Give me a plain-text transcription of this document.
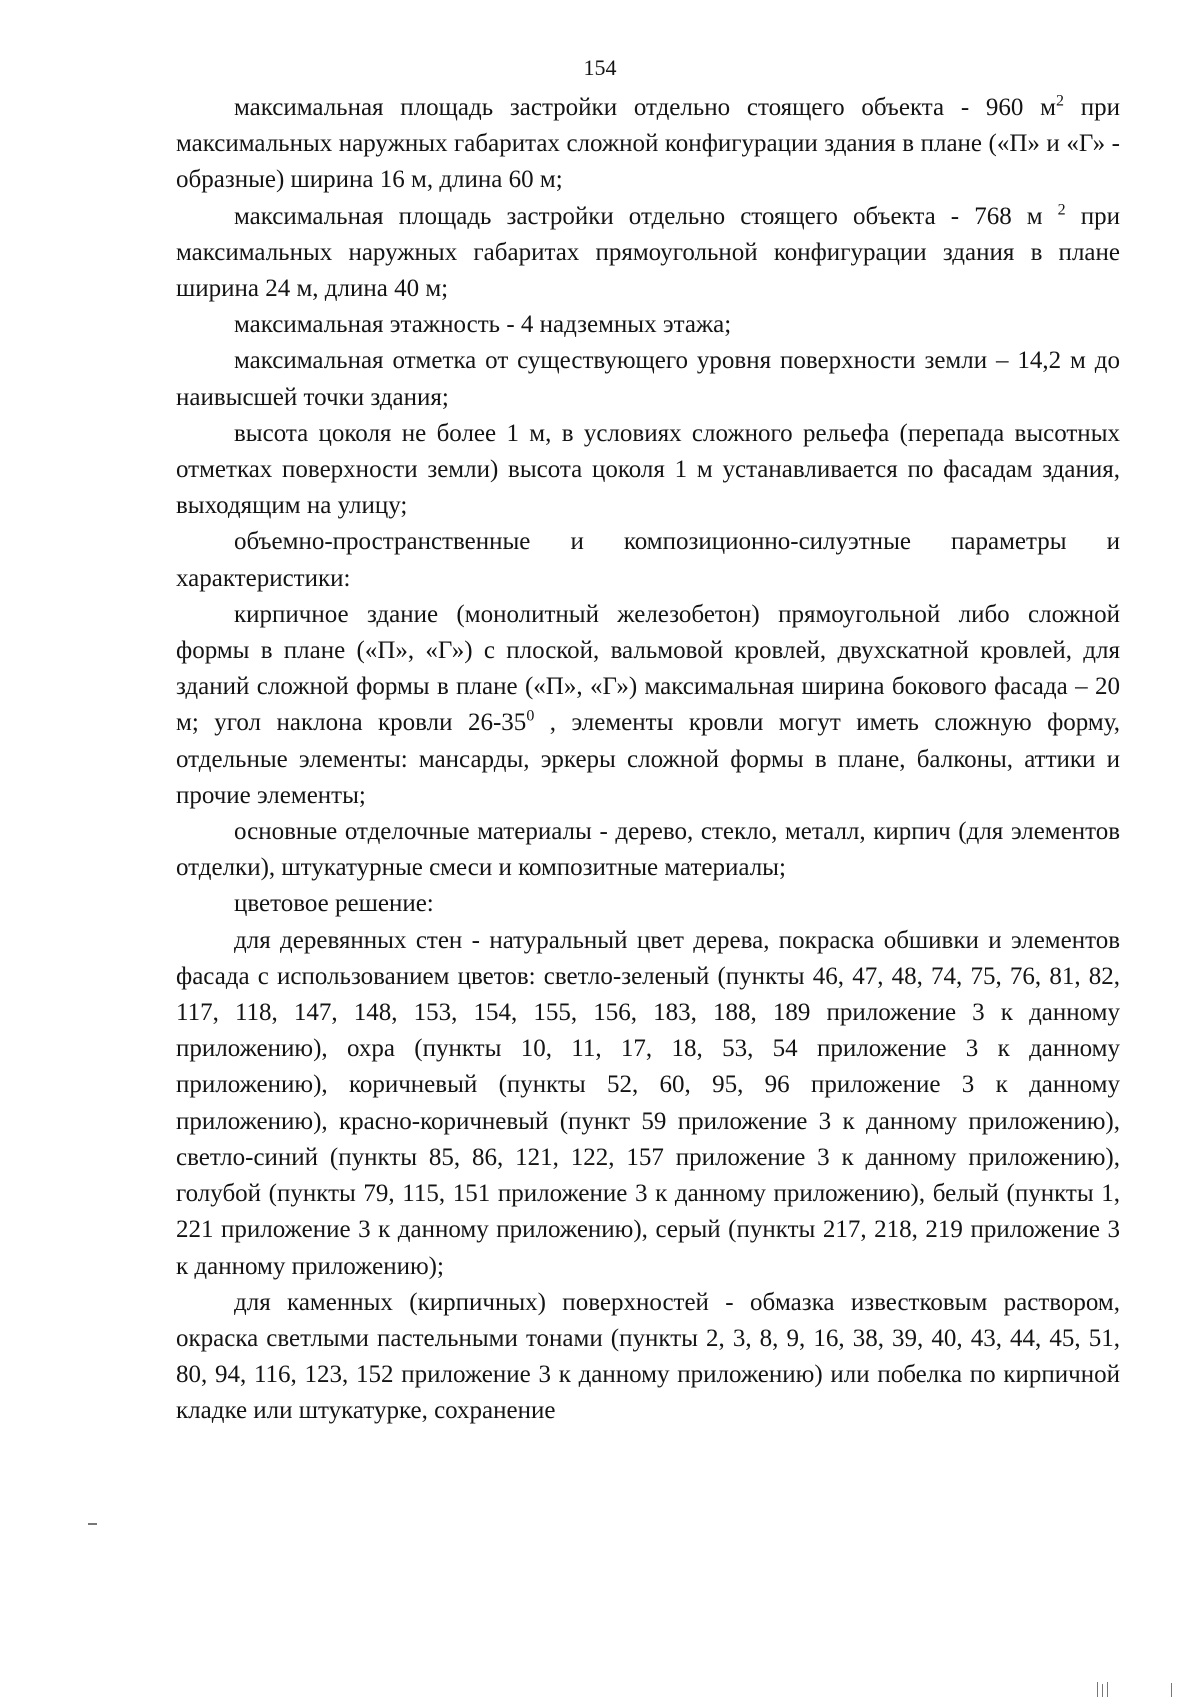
154

максимальная площадь застройки отдельно стоящего объекта - 960 $м^2$ при максимальных наружных габаритах сложной конфигурации здания в плане («П» и «Г» - образные) ширина 16 м, длина 60 м;

максимальная площадь застройки отдельно стоящего объекта - 768 м $^2$ при максимальных наружных габаритах прямоугольной конфигурации здания в плане ширина 24 м, длина 40 м;

максимальная этажность - 4 надземных этажа;

максимальная отметка от существующего уровня поверхности земли – 14,2 м до наивысшей точки здания;

высота цоколя не более 1 м, в условиях сложного рельефа (перепада высотных отметках поверхности земли) высота цоколя 1 м устанавливается по фасадам здания, выходящим на улицу;

объемно-пространственные и композиционно-силуэтные параметры и характеристики:

кирпичное здание (монолитный железобетон) прямоугольной либо сложной формы в плане («П», «Г») с плоской, вальмовой кровлей, двухскатной кровлей, для зданий сложной формы в плане («П», «Г») максимальная ширина бокового фасада – 20 м; угол наклона кровли $26-35^0$ , элементы кровли могут иметь сложную форму, отдельные элементы: мансарды, эркеры сложной формы в плане, балконы, аттики и прочие элементы;

основные отделочные материалы - дерево, стекло, металл, кирпич (для элементов отделки), штукатурные смеси и композитные материалы;

цветовое решение:

для деревянных стен - натуральный цвет дерева, покраска обшивки и элементов фасада с использованием цветов: светло-зеленый (пункты 46, 47, 48, 74, 75, 76, 81, 82, 117, 118, 147, 148, 153, 154, 155, 156, 183, 188, 189 приложение 3 к данному приложению), охра (пункты 10, 11, 17, 18, 53, 54 приложение 3 к данному приложению), коричневый (пункты 52, 60, 95, 96 приложение 3 к данному приложению), красно-коричневый (пункт 59 приложение 3 к данному приложению), светло-синий (пункты 85, 86, 121, 122, 157 приложение 3 к данному приложению), голубой (пункты 79, 115, 151 приложение 3 к данному приложению), белый (пункты 1, 221 приложение 3 к данному приложению), серый (пункты 217, 218, 219 приложение 3 к данному приложению);

для каменных (кирпичных) поверхностей - обмазка известковым раствором, окраска светлыми пастельными тонами (пункты 2, 3, 8, 9, 16, 38, 39, 40, 43, 44, 45, 51, 80, 94, 116, 123, 152 приложение 3 к данному приложению) или побелка по кирпичной кладке или штукатурке, сохранение
